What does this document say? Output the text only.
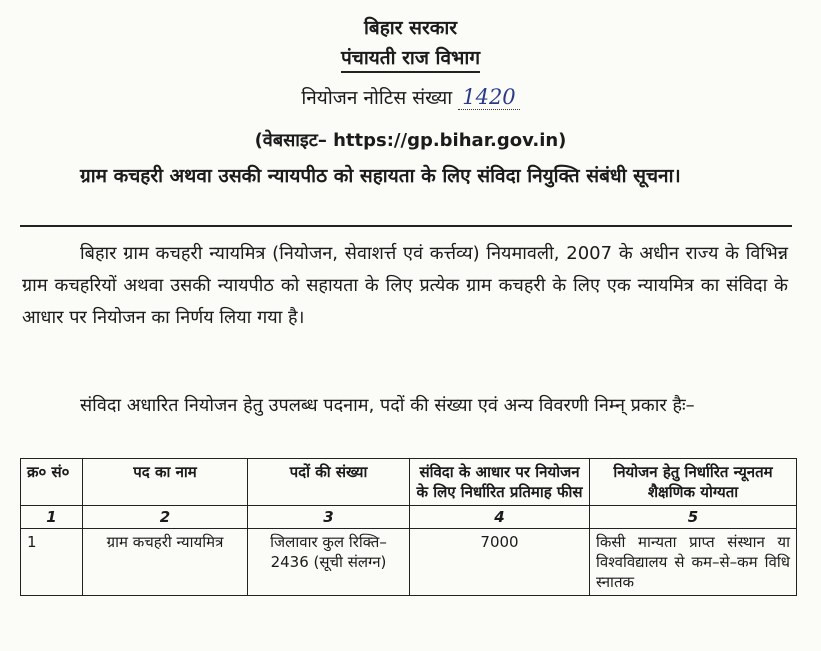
बिहार सरकार
पंचायती राज विभाग
नियोजन नोटिस संख्या 1420
(वेबसाइट– https://gp.bihar.gov.in)
ग्राम कचहरी अथवा उसकी न्यायपीठ को सहायता के लिए संविदा नियुक्ति संबंधी सूचना।
बिहार ग्राम कचहरी न्यायमित्र (नियोजन, सेवाशर्त्त एवं कर्त्तव्य) नियमावली, 2007 के अधीन राज्य के विभिन्न ग्राम कचहरियों अथवा उसकी न्यायपीठ को सहायता के लिए प्रत्येक ग्राम कचहरी के लिए एक न्यायमित्र का संविदा के आधार पर नियोजन का निर्णय लिया गया है।
संविदा अधारित नियोजन हेतु उपलब्ध पदनाम, पदों की संख्या एवं अन्य विवरणी निम्न् प्रकार हैः–
क्र० सं०	पद का नाम	पदों की संख्या	संविदा के आधार पर नियोजन के लिए निर्धारित प्रतिमाह फीस	नियोजन हेतु निर्धारित न्यूनतम शैक्षणिक योग्यता
1	2	3	4	5
1	ग्राम कचहरी न्यायमित्र	जिलावार कुल रिक्ति–2436 (सूची संलग्न)	7000	किसी मान्यता प्राप्त संस्थान या विश्वविद्यालय से कम–से–कम विधि स्नातक
